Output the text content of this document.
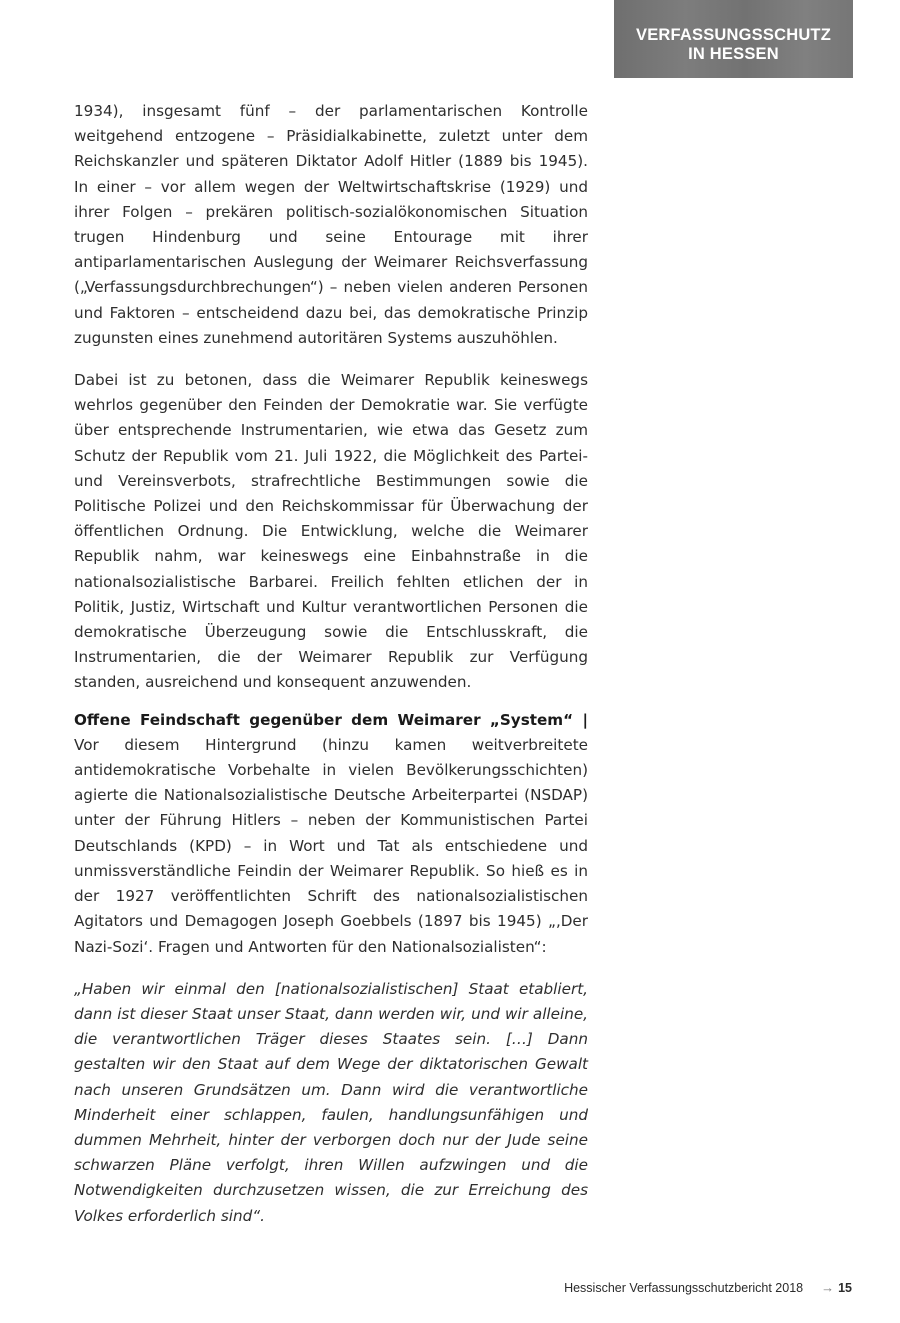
VERFASSUNGSSCHUTZ
IN HESSEN

1934), insgesamt fünf – der parlamentarischen Kontrolle weitgehend entzogene – Präsidialkabinette, zuletzt unter dem Reichskanzler und späteren Diktator Adolf Hitler (1889 bis 1945). In einer – vor allem wegen der Weltwirtschaftskrise (1929) und ihrer Folgen – prekären politisch-sozialökonomischen Situation trugen Hindenburg und seine Entourage mit ihrer antiparlamentarischen Auslegung der Weimarer Reichsverfassung („Verfassungsdurchbrechungen“) – neben vielen anderen Personen und Faktoren – entscheidend dazu bei, das demokratische Prinzip zugunsten eines zunehmend autoritären Systems auszuhöhlen.

Dabei ist zu betonen, dass die Weimarer Republik keineswegs wehrlos gegenüber den Feinden der Demokratie war. Sie verfügte über entsprechende Instrumentarien, wie etwa das Gesetz zum Schutz der Republik vom 21. Juli 1922, die Möglichkeit des Partei- und Vereinsverbots, strafrechtliche Bestimmungen sowie die Politische Polizei und den Reichskommissar für Überwachung der öffentlichen Ordnung. Die Entwicklung, welche die Weimarer Republik nahm, war keineswegs eine Einbahnstraße in die nationalsozialistische Barbarei. Freilich fehlten etlichen der in Politik, Justiz, Wirtschaft und Kultur verantwortlichen Personen die demokratische Überzeugung sowie die Entschlusskraft, die Instrumentarien, die der Weimarer Republik zur Verfügung standen, ausreichend und konsequent anzuwenden.

Offene Feindschaft gegenüber dem Weimarer „System“ | Vor diesem Hintergrund (hinzu kamen weitverbreitete antidemokratische Vorbehalte in vielen Bevölkerungsschichten) agierte die Nationalsozialistische Deutsche Arbeiterpartei (NSDAP) unter der Führung Hitlers – neben der Kommunistischen Partei Deutschlands (KPD) – in Wort und Tat als entschiedene und unmissverständliche Feindin der Weimarer Republik. So hieß es in der 1927 veröffentlichten Schrift des nationalsozialistischen Agitators und Demagogen Joseph Goebbels (1897 bis 1945) „‚Der Nazi-Sozi‘. Fragen und Antworten für den Nationalsozialisten“:

„Haben wir einmal den [nationalsozialistischen] Staat etabliert, dann ist dieser Staat unser Staat, dann werden wir, und wir alleine, die verantwortlichen Träger dieses Staates sein. […] Dann gestalten wir den Staat auf dem Wege der diktatorischen Gewalt nach unseren Grundsätzen um. Dann wird die verantwortliche Minderheit einer schlappen, faulen, handlungsunfähigen und dummen Mehrheit, hinter der verborgen doch nur der Jude seine schwarzen Pläne verfolgt, ihren Willen aufzwingen und die Notwendigkeiten durchzusetzen wissen, die zur Erreichung des Volkes erforderlich sind“.

Hessischer Verfassungsschutzbericht 2018 → 15
